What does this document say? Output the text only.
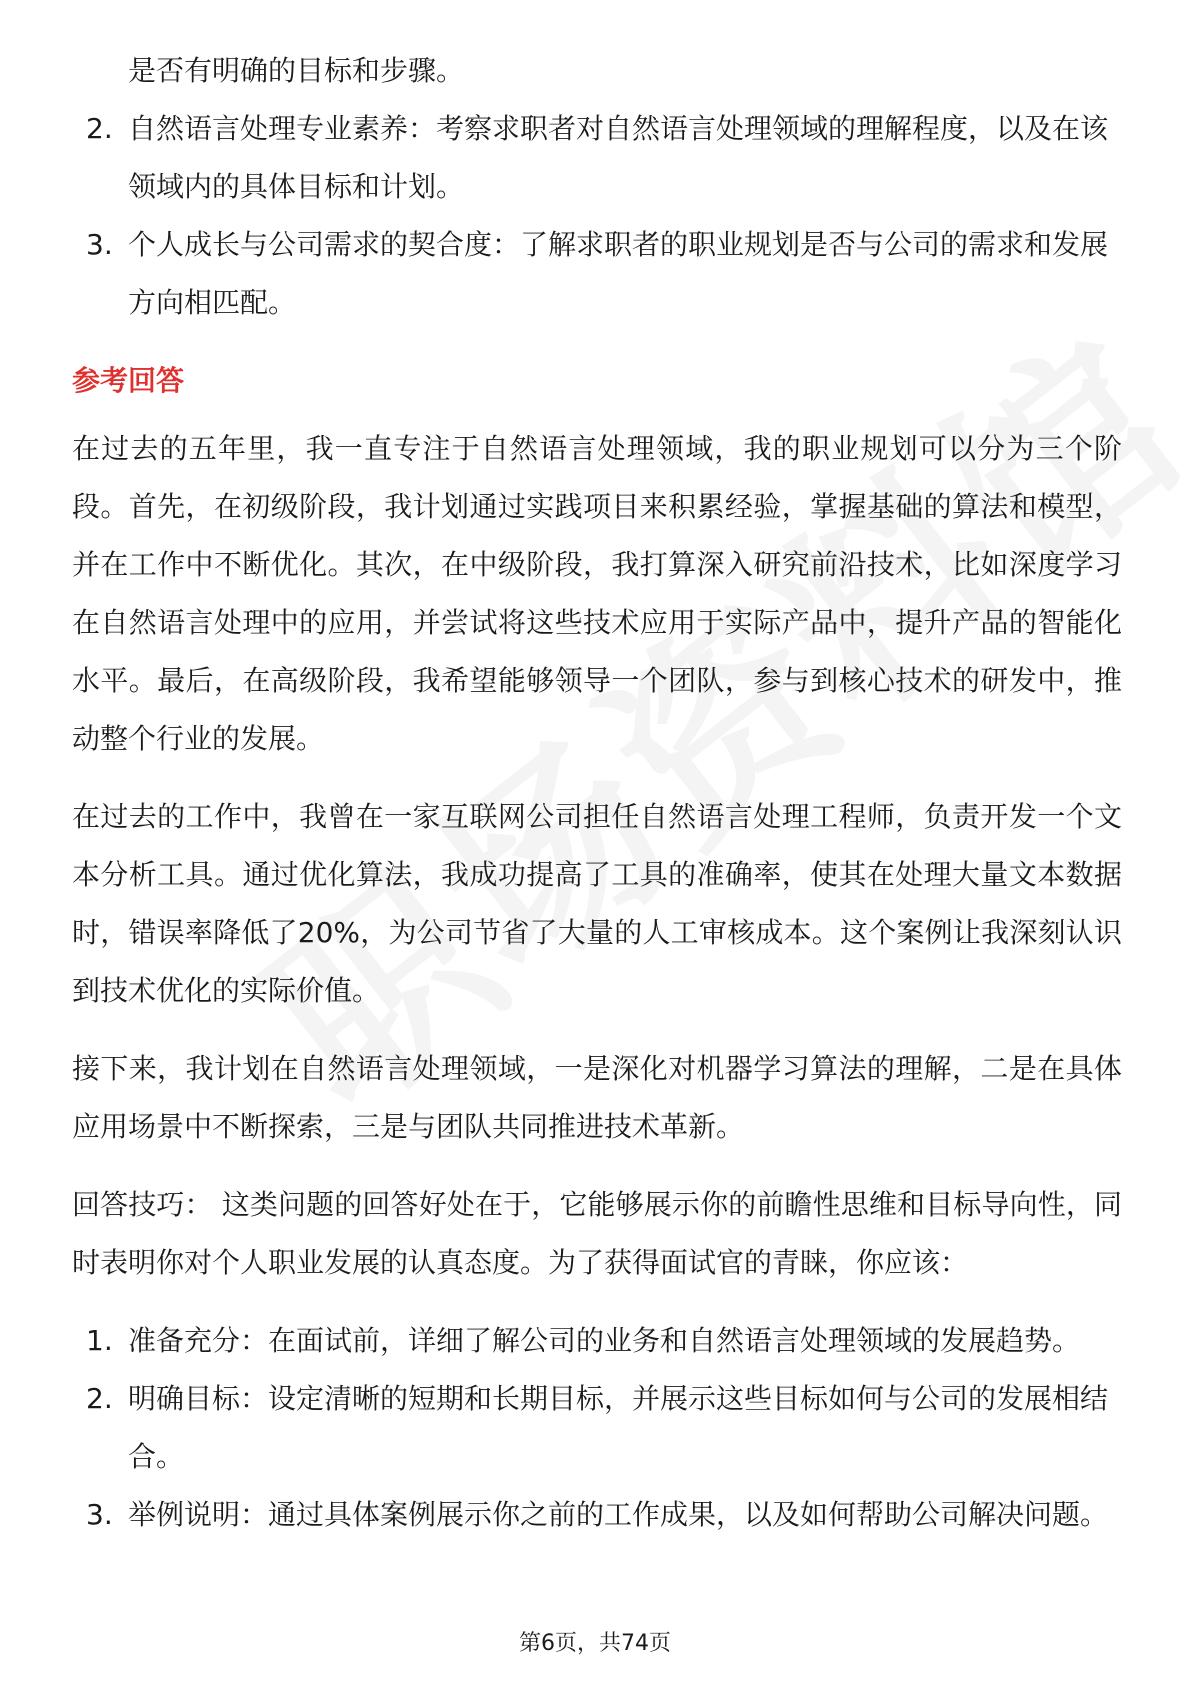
是否有明确的目标和步骤。

2. 自然语言处理专业素养：考察求职者对自然语言处理领域的理解程度，以及在该领域内的具体目标和计划。
3. 个人成长与公司需求的契合度：了解求职者的职业规划是否与公司的需求和发展方向相匹配。
参考回答

在过去的五年里，我一直专注于自然语言处理领域，我的职业规划可以分为三个阶段。首先，在初级阶段，我计划通过实践项目来积累经验，掌握基础的算法和模型，并在工作中不断优化。其次，在中级阶段，我打算深入研究前沿技术，比如深度学习在自然语言处理中的应用，并尝试将这些技术应用于实际产品中，提升产品的智能化水平。最后，在高级阶段，我希望能够领导一个团队，参与到核心技术的研发中，推动整个行业的发展。

在过去的工作中，我曾在一家互联网公司担任自然语言处理工程师，负责开发一个文本分析工具。通过优化算法，我成功提高了工具的准确率，使其在处理大量文本数据时，错误率降低了20%，为公司节省了大量的人工审核成本。这个案例让我深刻认识到技术优化的实际价值。

接下来，我计划在自然语言处理领域，一是深化对机器学习算法的理解，二是在具体应用场景中不断探索，三是与团队共同推进技术革新。

回答技巧： 这类问题的回答好处在于，它能够展示你的前瞻性思维和目标导向性，同时表明你对个人职业发展的认真态度。为了获得面试官的青睐，你应该：

1. 准备充分：在面试前，详细了解公司的业务和自然语言处理领域的发展趋势。
2. 明确目标：设定清晰的短期和长期目标，并展示这些目标如何与公司的发展相结合。
3. 举例说明：通过具体案例展示你之前的工作成果，以及如何帮助公司解决问题。
第6页，共74页
